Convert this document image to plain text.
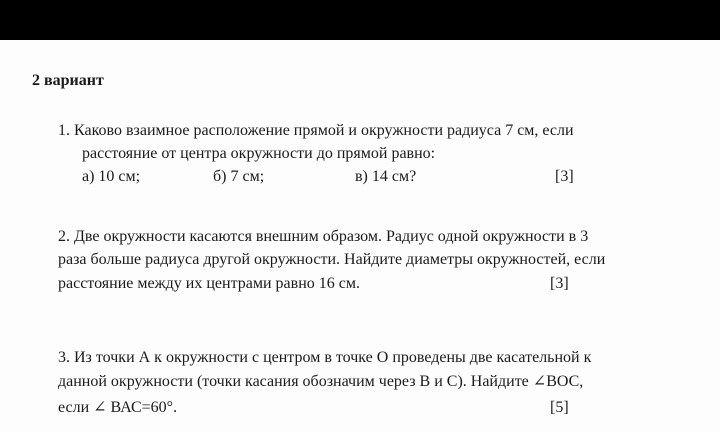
2 вариант
1. Каково взаимное расположение прямой и окружности радиуса 7 см, если
расстояние от центра окружности до прямой равно:
а) 10 см;	б) 7 см;	в) 14 см?	[3]
2. Две окружности касаются внешним образом. Радиус одной окружности в 3
раза больше радиуса другой окружности. Найдите диаметры окружностей, если
расстояние между их центрами равно 16 см.	[3]
3. Из точки А к окружности с центром в точке О проведены две касательной к
данной окружности (точки касания обозначим через В и С). Найдите ∠ВОС,
если ∠ ВАС=60°.	[5]
